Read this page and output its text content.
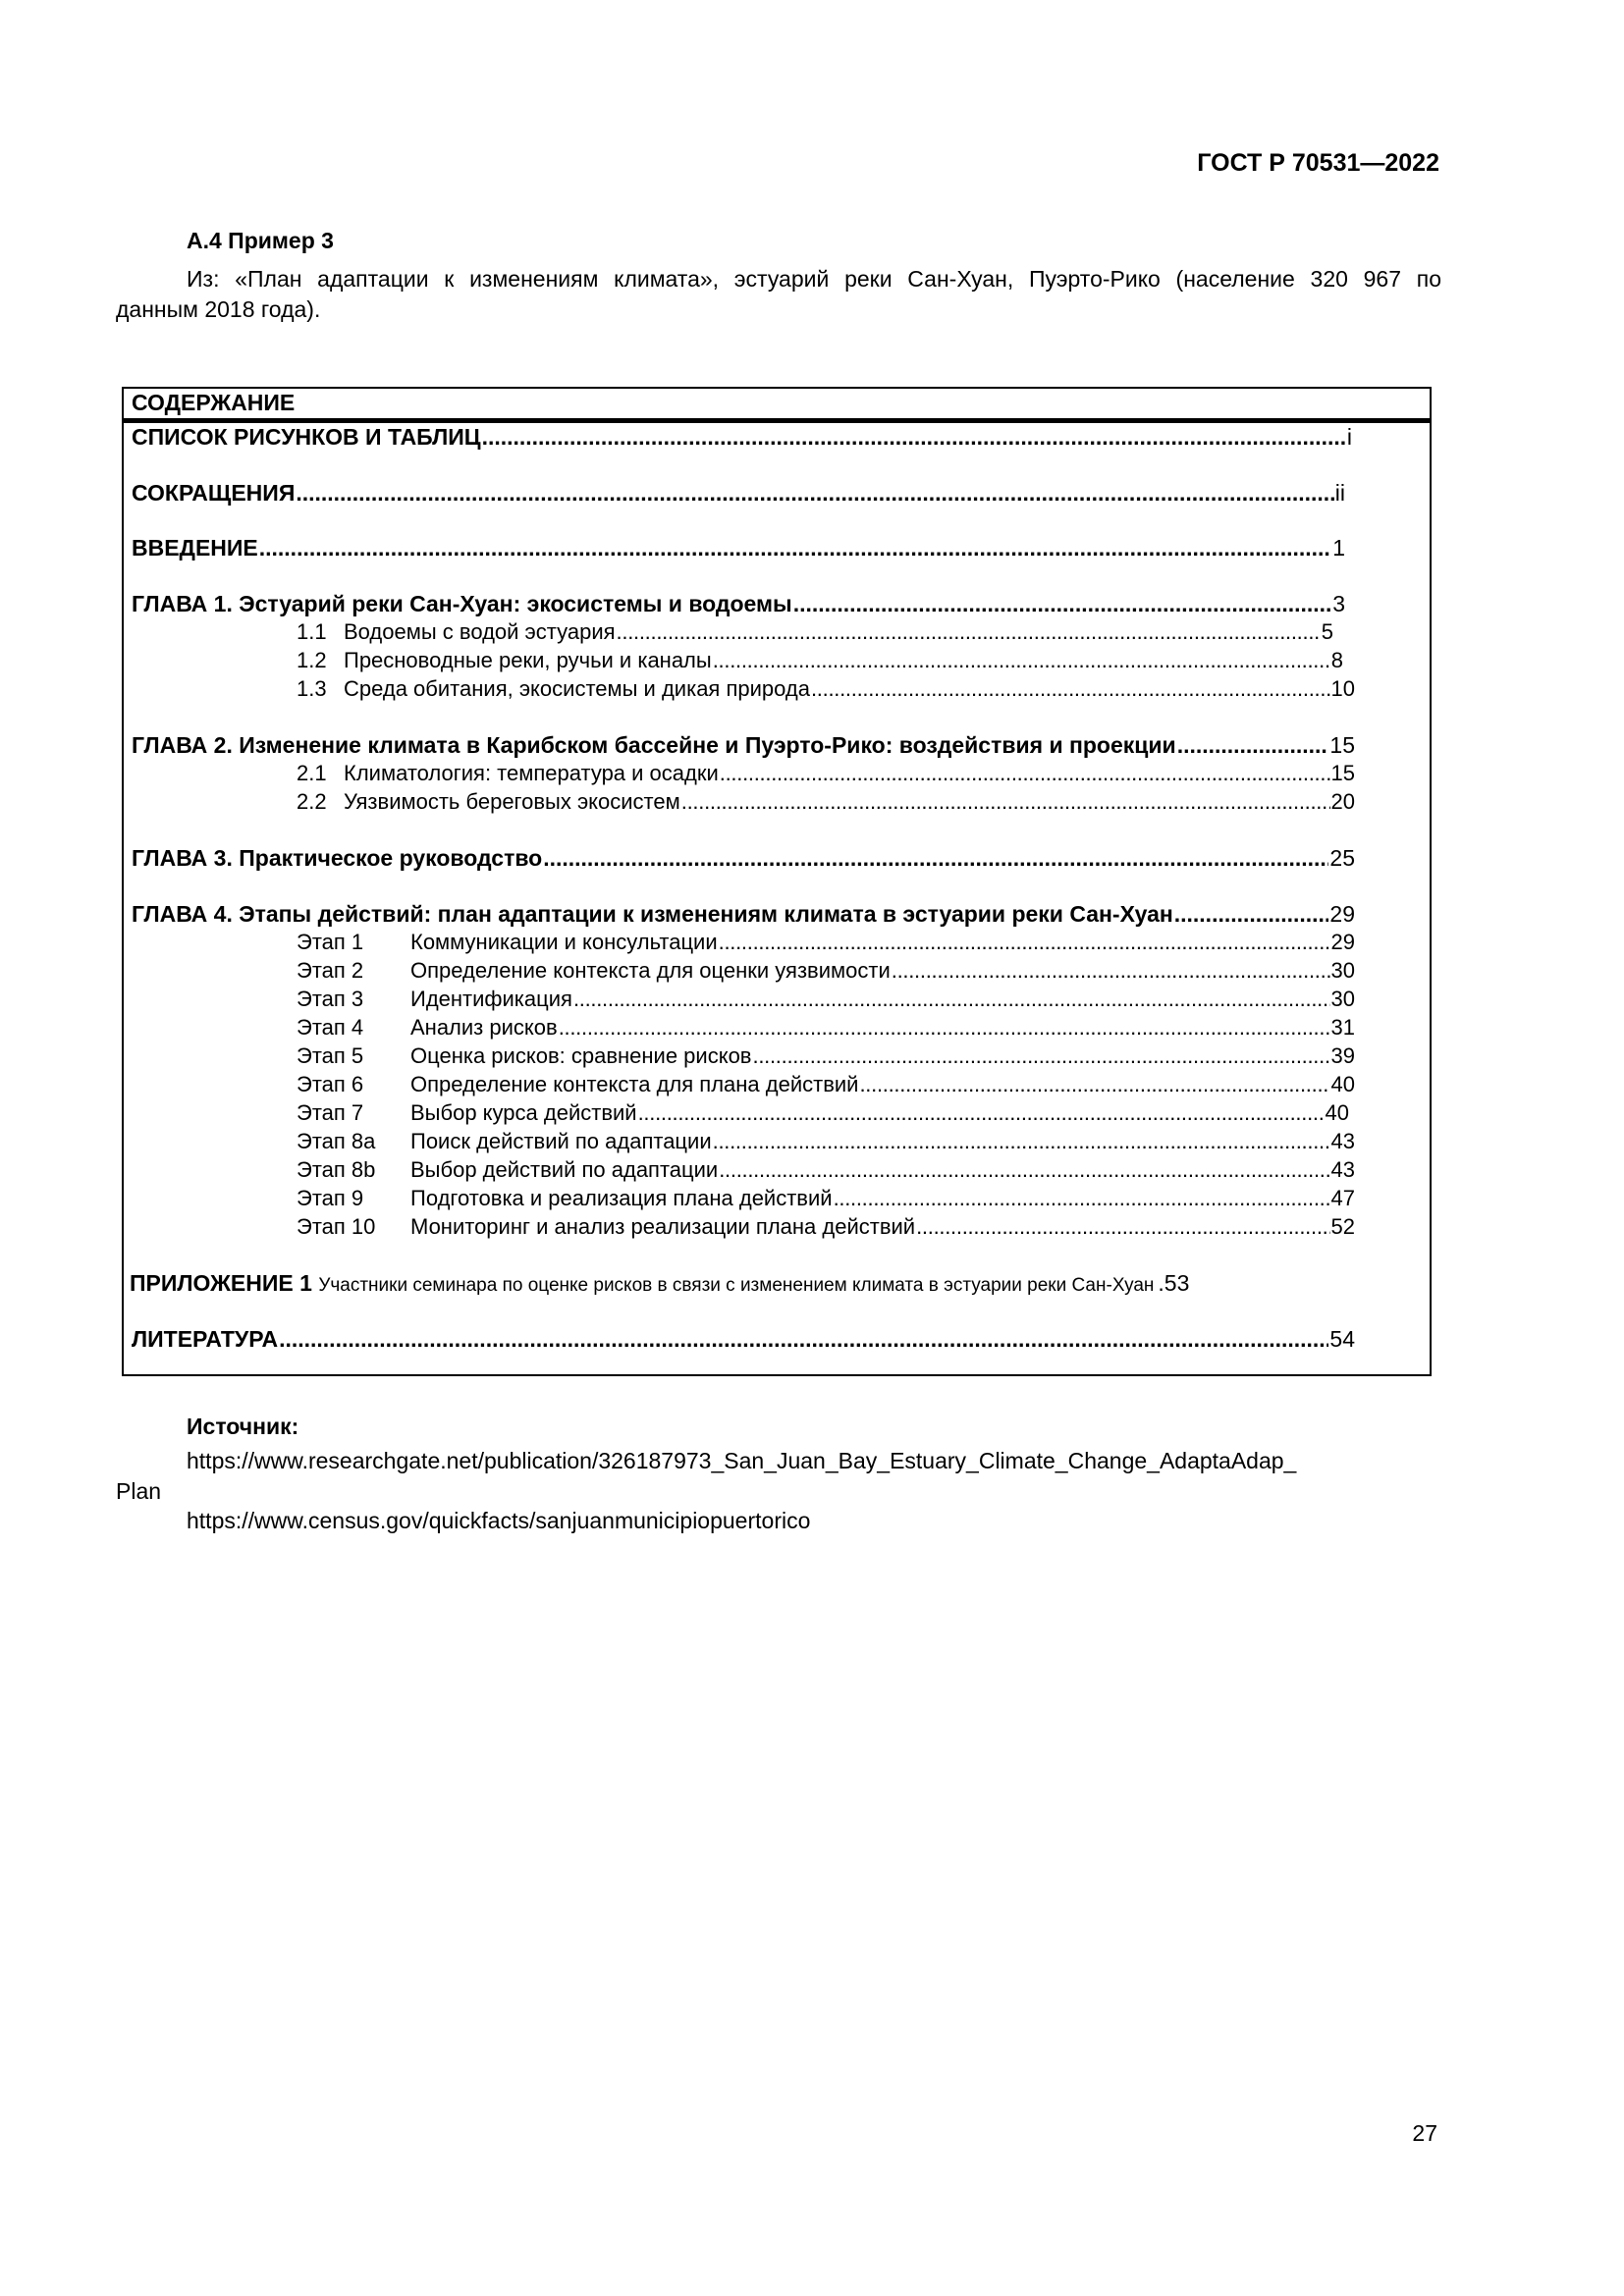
ГОСТ Р 70531—2022
А.4 Пример 3
Из: «План адаптации к изменениям климата», эстуарий реки Сан-Хуан, Пуэрто-Рико (население 320 967 по
данным 2018 года).
СОДЕРЖАНИЕ
СПИСОК РИСУНКОВ И ТАБЛИЦ . . .	i
СОКРАЩЕНИЯ . . .	ii
ВВЕДЕНИЕ . . .	1
ГЛАВА 1. Эстуарий реки Сан-Хуан: экосистемы и водоемы . . .	3
1.1 Водоемы с водой эстуария . . .	5
1.2 Пресноводные реки, ручьи и каналы . . .	8
1.3 Среда обитания, экосистемы и дикая природа . . .	10
ГЛАВА 2. Изменение климата в Карибском бассейне и Пуэрто-Рико: воздействия и проекции . . .	15
2.1 Климатология: температура и осадки . . .	15
2.2 Уязвимость береговых экосистем . . .	20
ГЛАВА 3. Практическое руководство . . .	25
ГЛАВА 4. Этапы действий: план адаптации к изменениям климата в эстуарии реки Сан-Хуан . . .	29
Этап 1 Коммуникации и консультации . . .	29
Этап 2 Определение контекста для оценки уязвимости . . .	30
Этап 3 Идентификация . . .	30
Этап 4 Анализ рисков . . .	31
Этап 5 Оценка рисков: сравнение рисков . . .	39
Этап 6 Определение контекста для плана действий . . .	40
Этап 7 Выбор курса действий . . .	40
Этап 8а Поиск действий по адаптации . . .	43
Этап 8b Выбор действий по адаптации . . .	43
Этап 9 Подготовка и реализация плана действий . . .	47
Этап 10 Мониторинг и анализ реализации плана действий . . .	52
ПРИЛОЖЕНИЕ 1 Участники семинара по оценке рисков в связи с изменением климата в эстуарии реки Сан-Хуан .53
ЛИТЕРАТУРА . . .	54
Источник:
https://www.researchgate.net/publication/326187973_San_Juan_Bay_Estuary_Climate_Change_AdaptaAdap_
Plan
https://www.census.gov/quickfacts/sanjuanmunicipiopuertorico
27
